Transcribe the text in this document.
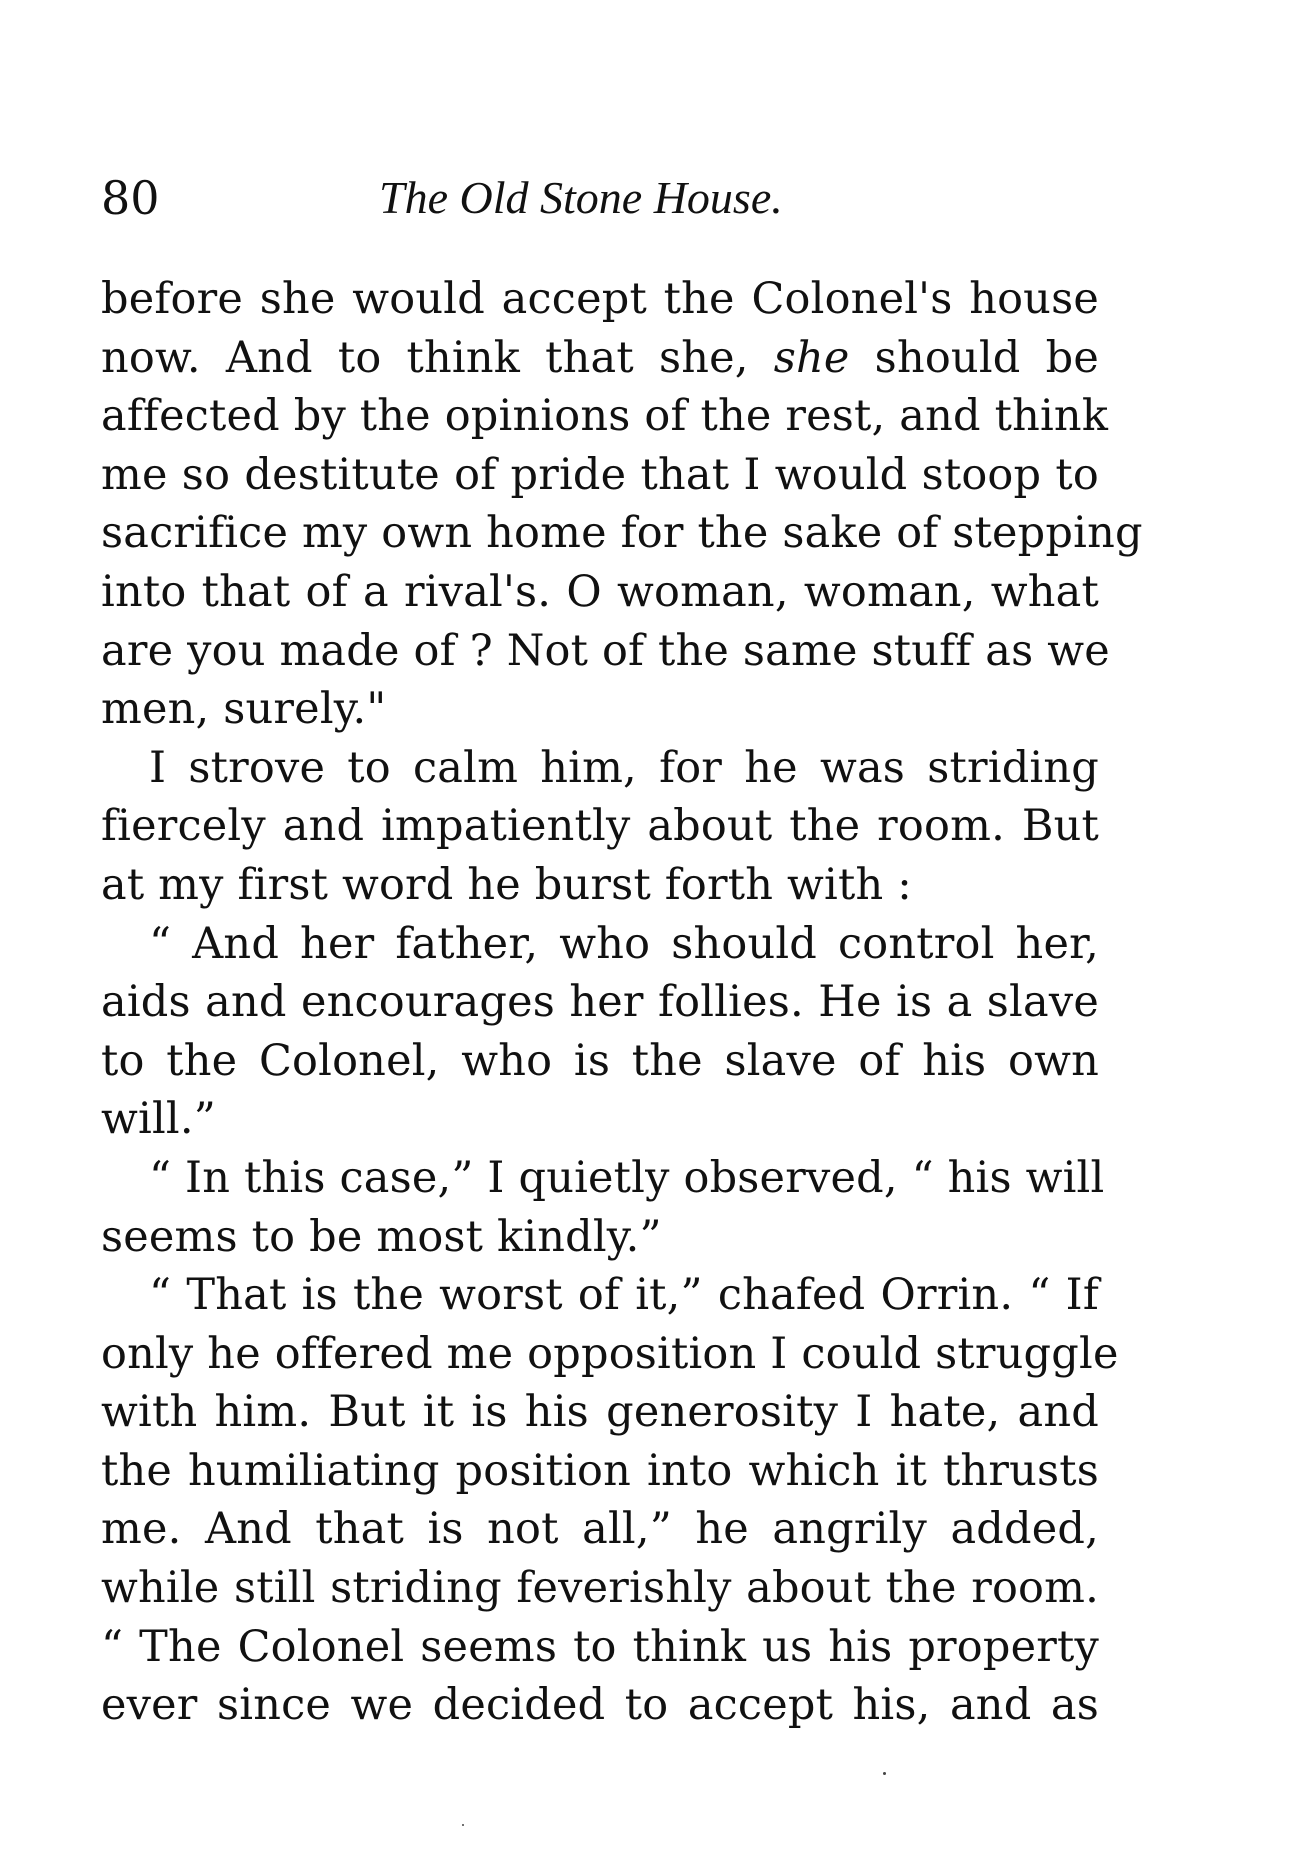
80	The Old Stone House.
before she would accept the Colonel's house
now. And to think that she, she should be
affected by the opinions of the rest, and think
me so destitute of pride that I would stoop to
sacrifice my own home for the sake of stepping
into that of a rival's. O woman, woman, what
are you made of ? Not of the same stuff as we
men, surely."
I strove to calm him, for he was striding
fiercely and impatiently about the room. But
at my first word he burst forth with :
“ And her father, who should control her,
aids and encourages her follies. He is a slave
to the Colonel, who is the slave of his own
will.”
“ In this case,” I quietly observed, “ his will
seems to be most kindly.”
“ That is the worst of it,” chafed Orrin. “ If
only he offered me opposition I could struggle
with him. But it is his generosity I hate, and
the humiliating position into which it thrusts
me. And that is not all,” he angrily added,
while still striding feverishly about the room.
“ The Colonel seems to think us his property
ever since we decided to accept his, and as
